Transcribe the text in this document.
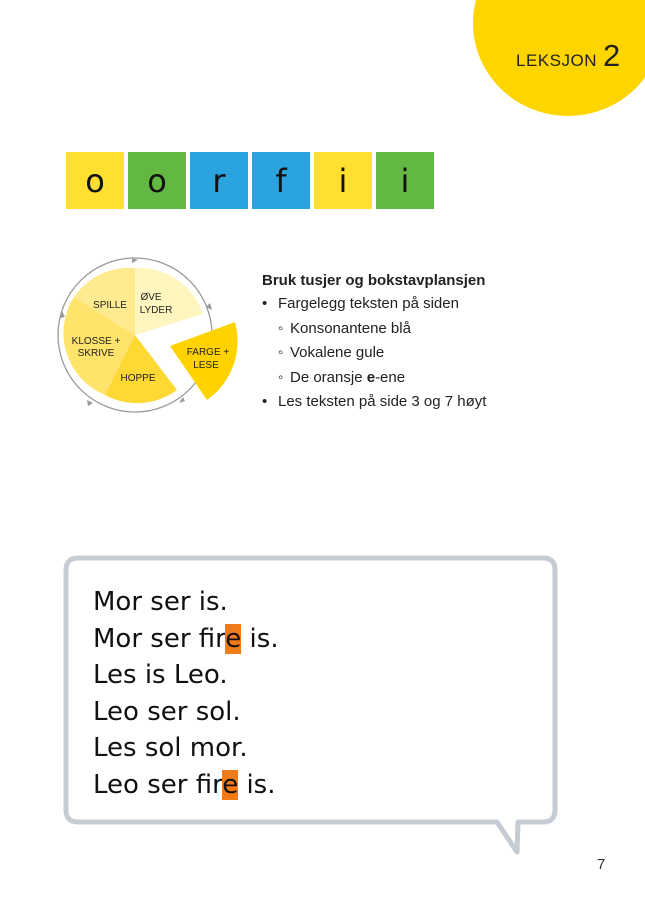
LEKSJON 2
o o r f i i
SPILLE
ØVE
LYDER
KLOSSE +
SKRIVE
HOPPE
FARGE +
LESE
Bruk tusjer og bokstavplansjen
• Fargelegg teksten på siden
◦ Konsonantene blå
◦ Vokalene gule
◦ De oransje e-ene
• Les teksten på side 3 og 7 høyt
Mor ser is.
Mor ser fire is.
Les is Leo.
Leo ser sol.
Les sol mor.
Leo ser fire is.
7
